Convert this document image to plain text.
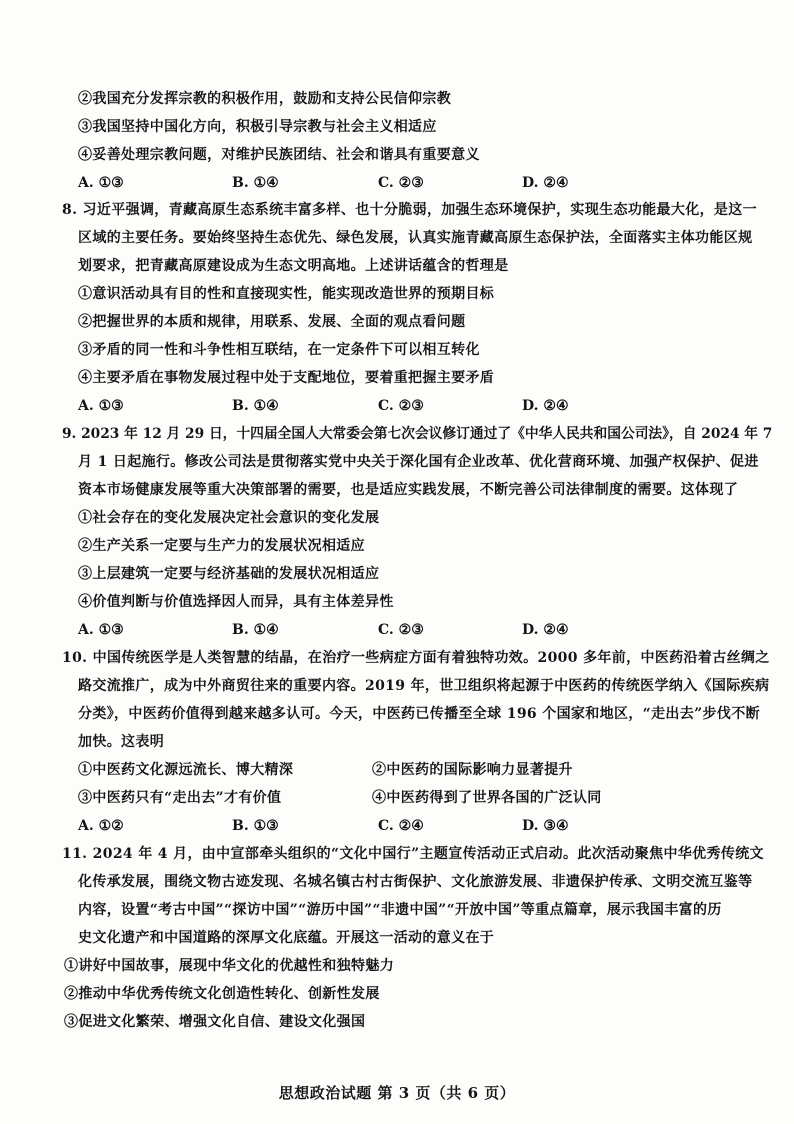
②我国充分发挥宗教的积极作用，鼓励和支持公民信仰宗教
③我国坚持中国化方向，积极引导宗教与社会主义相适应
④妥善处理宗教问题，对维护民族团结、社会和谐具有重要意义
A. ①③	B. ①④	C. ②③	D. ②④
8. 习近平强调，青藏高原生态系统丰富多样、也十分脆弱，加强生态环境保护，实现生态功能最大化，是这一
区域的主要任务。要始终坚持生态优先、绿色发展，认真实施青藏高原生态保护法，全面落实主体功能区规
划要求，把青藏高原建设成为生态文明高地。上述讲话蕴含的哲理是
①意识活动具有目的性和直接现实性，能实现改造世界的预期目标
②把握世界的本质和规律，用联系、发展、全面的观点看问题
③矛盾的同一性和斗争性相互联结，在一定条件下可以相互转化
④主要矛盾在事物发展过程中处于支配地位，要着重把握主要矛盾
A. ①③	B. ①④	C. ②③	D. ②④
9. 2023 年 12 月 29 日，十四届全国人大常委会第七次会议修订通过了《中华人民共和国公司法》，自 2024 年 7
月 1 日起施行。修改公司法是贯彻落实党中央关于深化国有企业改革、优化营商环境、加强产权保护、促进
资本市场健康发展等重大决策部署的需要，也是适应实践发展，不断完善公司法律制度的需要。这体现了
①社会存在的变化发展决定社会意识的变化发展
②生产关系一定要与生产力的发展状况相适应
③上层建筑一定要与经济基础的发展状况相适应
④价值判断与价值选择因人而异，具有主体差异性
A. ①③	B. ①④	C. ②③	D. ②④
10. 中国传统医学是人类智慧的结晶，在治疗一些病症方面有着独特功效。2000 多年前，中医药沿着古丝绸之
路交流推广，成为中外商贸往来的重要内容。2019 年，世卫组织将起源于中医药的传统医学纳入《国际疾病
分类》，中医药价值得到越来越多认可。今天，中医药已传播至全球 196 个国家和地区，“走出去”步伐不断
加快。这表明
①中医药文化源远流长、博大精深	②中医药的国际影响力显著提升
③中医药只有“走出去”才有价值	④中医药得到了世界各国的广泛认同
A. ①②	B. ①③	C. ②④	D. ③④
11. 2024 年 4 月，由中宣部牵头组织的“文化中国行”主题宣传活动正式启动。此次活动聚焦中华优秀传统文
化传承发展，围绕文物古迹发现、名城名镇古村古街保护、文化旅游发展、非遗保护传承、文明交流互鉴等
内容，设置“考古中国”“探访中国”“游历中国”“非遗中国”“开放中国”等重点篇章，展示我国丰富的历
史文化遗产和中国道路的深厚文化底蕴。开展这一活动的意义在于
①讲好中国故事，展现中华文化的优越性和独特魅力
②推动中华优秀传统文化创造性转化、创新性发展
③促进文化繁荣、增强文化自信、建设文化强国
思想政治试题 第 3 页（共 6 页）
